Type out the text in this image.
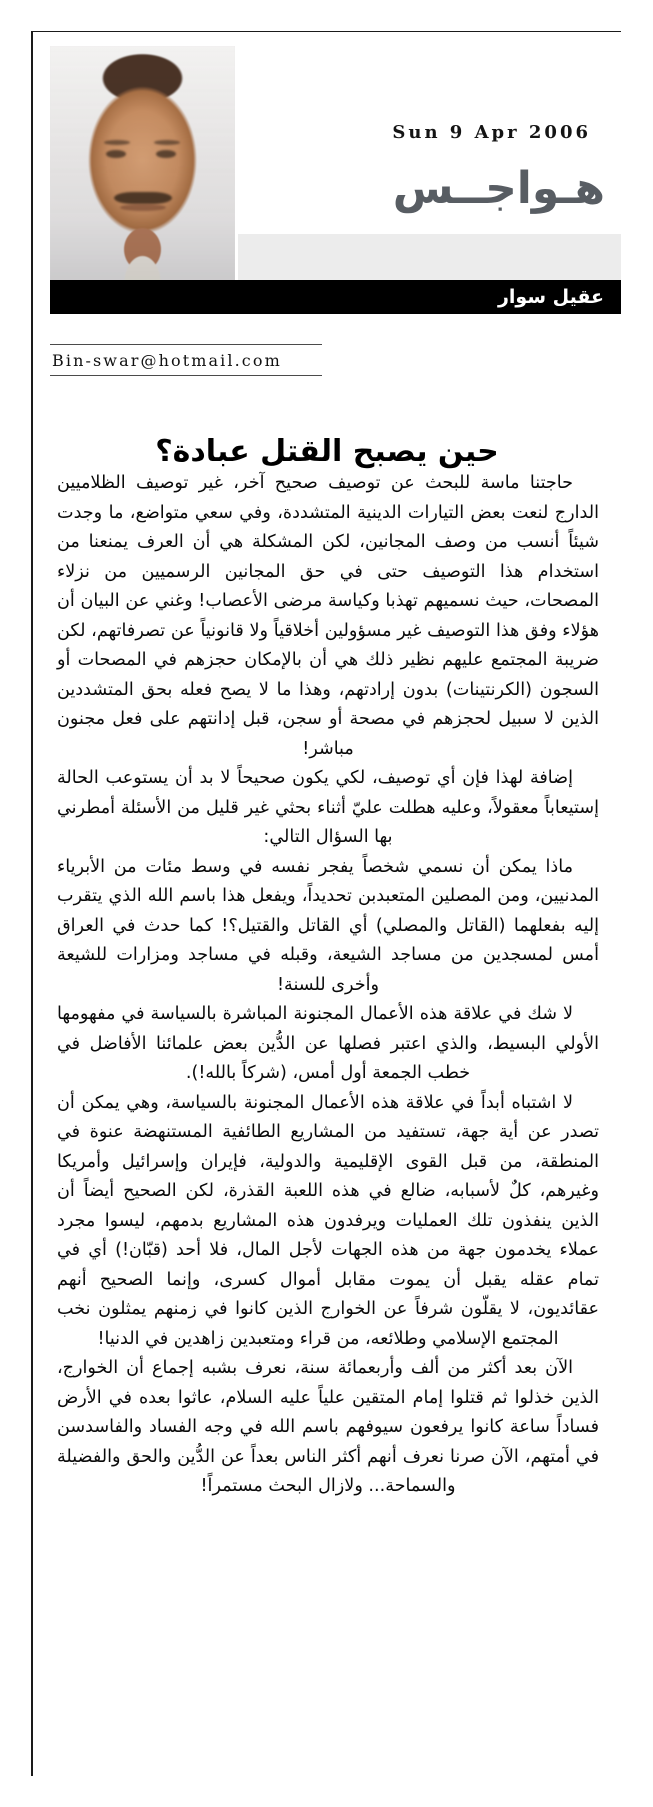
Sun 9 Apr 2006
هـواجــس
عقيل سوار
Bin-swar@hotmail.com
حين يصبح القتل عبادة؟

حاجتنا ماسة للبحث عن توصيف صحيح آخر، غير توصيف الظلاميين الدارج لنعت بعض التيارات الدينية المتشددة، وفي سعي متواضع، ما وجدت شيئاً أنسب من وصف المجانين، لكن المشكلة هي أن العرف يمنعنا من استخدام هذا التوصيف حتى في حق المجانين الرسميين من نزلاء المصحات، حيث نسميهم تهذبا وكياسة مرضى الأعصاب! وغني عن البيان أن هؤلاء وفق هذا التوصيف غير مسؤولين أخلاقياً ولا قانونياً عن تصرفاتهم، لكن ضريبة المجتمع عليهم نظير ذلك هي أن بالإمكان حجزهم في المصحات أو السجون (الكرنتينات) بدون إرادتهم، وهذا ما لا يصح فعله بحق المتشددين الذين لا سبيل لحجزهم في مصحة أو سجن، قبل إدانتهم على فعل مجنون مباشر!

إضافة لهذا فإن أي توصيف، لكي يكون صحيحاً لا بد أن يستوعب الحالة إستيعاباً معقولاً، وعليه هطلت عليّ أثناء بحثي غير قليل من الأسئلة أمطرني بها السؤال التالي:

ماذا يمكن أن نسمي شخصاً يفجر نفسه في وسط مئات من الأبرياء المدنيين، ومن المصلين المتعبدبن تحديداً، ويفعل هذا باسم الله الذي يتقرب إليه بفعلهما (القاتل والمصلي) أي القاتل والقتيل؟! كما حدث في العراق أمس لمسجدين من مساجد الشيعة، وقبله في مساجد ومزارات للشيعة وأخرى للسنة!

لا شك في علاقة هذه الأعمال المجنونة المباشرة بالسياسة في مفهومها الأولي البسيط، والذي اعتبر فصلها عن الدُّين بعض علمائنا الأفاضل في خطب الجمعة أول أمس، (شركاً بالله!).

لا اشتباه أبداً في علاقة هذه الأعمال المجنونة بالسياسة، وهي يمكن أن تصدر عن أية جهة، تستفيد من المشاريع الطائفية المستنهضة عنوة في المنطقة، من قبل القوى الإقليمية والدولية، فإيران وإسرائيل وأمريكا وغيرهم، كلٌ لأسبابه، ضالع في هذه اللعبة القذرة، لكن الصحيح أيضاً أن الذين ينفذون تلك العمليات ويرفدون هذه المشاريع بدمهم، ليسوا مجرد عملاء يخدمون جهة من هذه الجهات لأجل المال، فلا أحد (قبّان!) أي في تمام عقله يقبل أن يموت مقابل أموال كسرى، وإنما الصحيح أنهم عقائديون، لا يقلّون شرفاً عن الخوارج الذين كانوا في زمنهم يمثلون نخب المجتمع الإسلامي وطلائعه، من قراء ومتعبدين زاهدين في الدنيا!

الآن بعد أكثر من ألف وأربعمائة سنة، نعرف بشبه إجماع أن الخوارج، الذين خذلوا ثم قتلوا إمام المتقين علياً عليه السلام، عاثوا بعده في الأرض فساداً ساعة كانوا يرفعون سيوفهم باسم الله في وجه الفساد والفاسدسن في أمتهم، الآن صرنا نعرف أنهم أكثر الناس بعداً عن الدُّين والحق والفضيلة والسماحة... ولازال البحث مستمراً!
